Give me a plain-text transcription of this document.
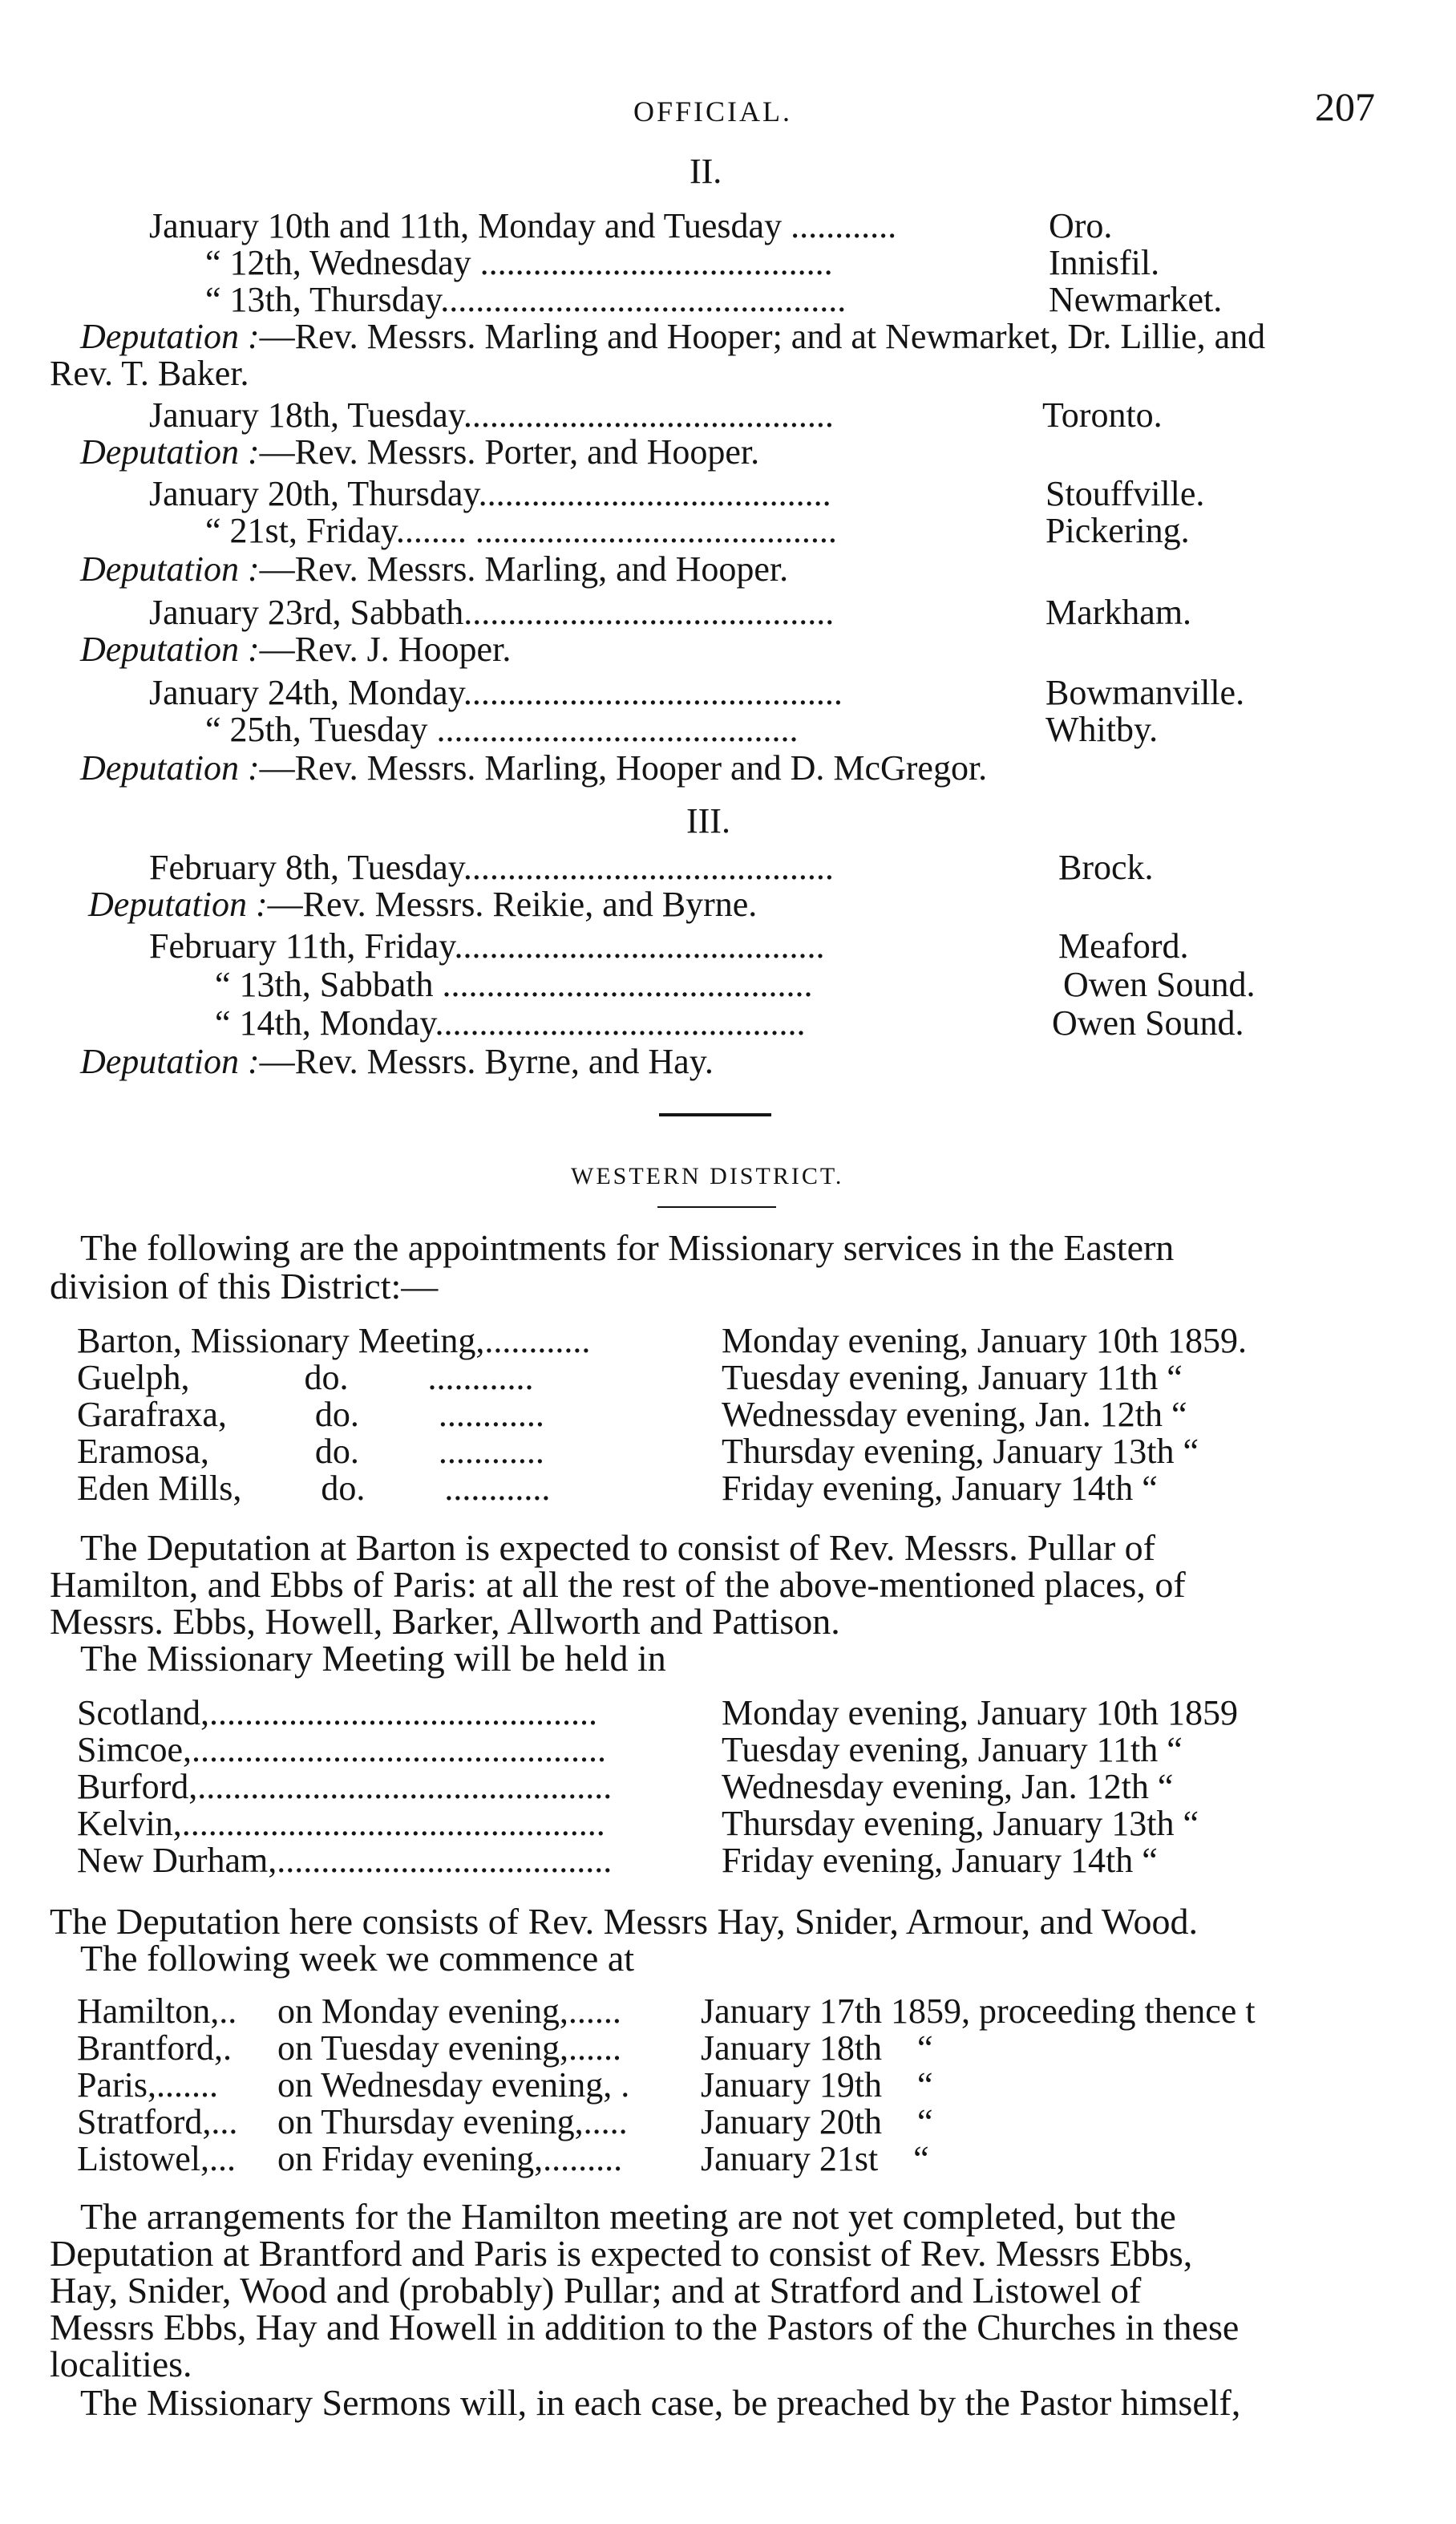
OFFICIAL.	207
II.
January 10th and 11th, Monday and Tuesday ............	Oro.
“ 12th, Wednesday ........................................	Innisfil.
“ 13th, Thursday..............................................	Newmarket.
Deputation :—Rev. Messrs. Marling and Hooper; and at Newmarket, Dr. Lillie, and
Rev. T. Baker.
January 18th, Tuesday..........................................	Toronto.
Deputation :—Rev. Messrs. Porter, and Hooper.
January 20th, Thursday........................................	Stouffville.
“ 21st, Friday........ .........................................	Pickering.
Deputation :—Rev. Messrs. Marling, and Hooper.
January 23rd, Sabbath..........................................	Markham.
Deputation :—Rev. J. Hooper.
January 24th, Monday...........................................	Bowmanville.
“ 25th, Tuesday .........................................	Whitby.
Deputation :—Rev. Messrs. Marling, Hooper and D. McGregor.
III.
February 8th, Tuesday..........................................	Brock.
Deputation :—Rev. Messrs. Reikie, and Byrne.
February 11th, Friday..........................................	Meaford.
“ 13th, Sabbath ..........................................	Owen Sound.
“ 14th, Monday..........................................	Owen Sound.
Deputation :—Rev. Messrs. Byrne, and Hay.
WESTERN DISTRICT.
The following are the appointments for Missionary services in the Eastern
division of this District:—
Barton, Missionary Meeting,............	Monday evening, January 10th 1859.
Guelph,             do.         ............	Tuesday evening, January 11th “
Garafraxa,          do.         ............	Wednessday evening, Jan. 12th “
Eramosa,            do.         ............	Thursday evening, January 13th “
Eden Mills,         do.         ............	Friday evening, January 14th “
The Deputation at Barton is expected to consist of Rev. Messrs. Pullar of
Hamilton, and Ebbs of Paris: at all the rest of the above-mentioned places, of
Messrs. Ebbs, Howell, Barker, Allworth and Pattison.
The Missionary Meeting will be held in
Scotland,............................................	Monday evening, January 10th 1859
Simcoe,...............................................	Tuesday evening, January 11th “
Burford,...............................................	Wednesday evening, Jan. 12th “
Kelvin,................................................	Thursday evening, January 13th “
New Durham,......................................	Friday evening, January 14th “
The Deputation here consists of Rev. Messrs Hay, Snider, Armour, and Wood.
The following week we commence at
Hamilton,.. on Monday evening,...... January 17th 1859, proceeding thence t
Brantford,. on Tuesday evening,...... January 18th    “
Paris,....... on Wednesday evening, . January 19th    “
Stratford,... on Thursday evening,..... January 20th    “
Listowel,... on Friday evening,......... January 21st    “
The arrangements for the Hamilton meeting are not yet completed, but the
Deputation at Brantford and Paris is expected to consist of Rev. Messrs Ebbs,
Hay, Snider, Wood and (probably) Pullar; and at Stratford and Listowel of
Messrs Ebbs, Hay and Howell in addition to the Pastors of the Churches in these
localities.
The Missionary Sermons will, in each case, be preached by the Pastor himself,
